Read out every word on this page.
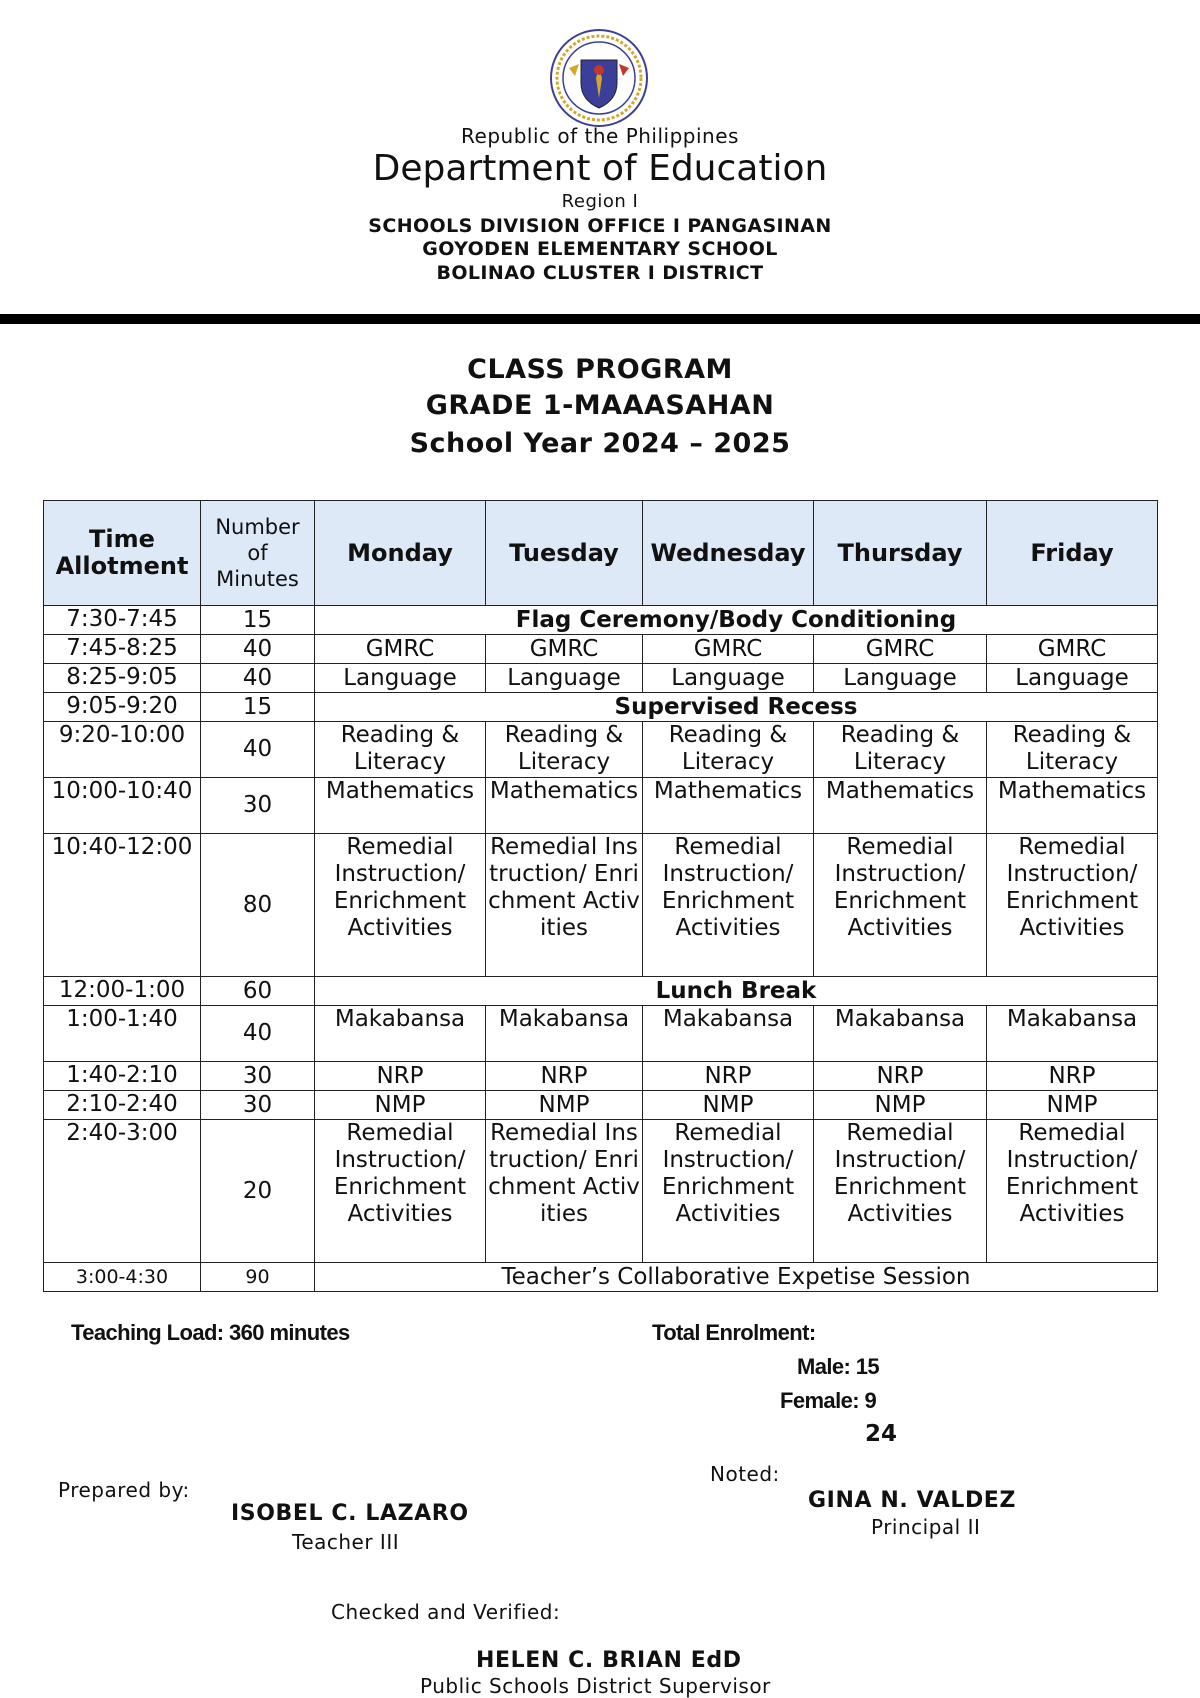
Republic of the Philippines
Department of Education
Region I
SCHOOLS DIVISION OFFICE I PANGASINAN
GOYODEN ELEMENTARY SCHOOL
BOLINAO CLUSTER I DISTRICT
CLASS PROGRAM
GRADE 1-MAAASAHAN
School Year 2024 – 2025
Time Allotment	Number of Minutes	Monday	Tuesday	Wednesday	Thursday	Friday
7:30-7:45	15	Flag Ceremony/Body Conditioning				
7:45-8:25	40	GMRC	GMRC	GMRC	GMRC	GMRC
8:25-9:05	40	Language	Language	Language	Language	Language
9:05-9:20	15	Supervised Recess				
9:20-10:00	40	Reading & Literacy	Reading & Literacy	Reading & Literacy	Reading & Literacy	Reading & Literacy
10:00-10:40	30	Mathematics	Mathematics	Mathematics	Mathematics	Mathematics
10:40-12:00	80	Remedial Instruction/ Enrichment Activities	Remedial Instruction/ Enrichment Activities	Remedial Instruction/ Enrichment Activities	Remedial Instruction/ Enrichment Activities	Remedial Instruction/ Enrichment Activities
12:00-1:00	60	Lunch Break				
1:00-1:40	40	Makabansa	Makabansa	Makabansa	Makabansa	Makabansa
1:40-2:10	30	NRP	NRP	NRP	NRP	NRP
2:10-2:40	30	NMP	NMP	NMP	NMP	NMP
2:40-3:00	20	Remedial Instruction/ Enrichment Activities	Remedial Instruction/ Enrichment Activities	Remedial Instruction/ Enrichment Activities	Remedial Instruction/ Enrichment Activities	Remedial Instruction/ Enrichment Activities
3:00-4:30	90	Teacher’s Collaborative Expetise Session				
Teaching Load: 360 minutes	Total Enrolment:
Male: 15
Female: 9
24
Prepared by:
ISOBEL C. LAZARO
Teacher III
Noted:
GINA N. VALDEZ
Principal II
Checked and Verified:
HELEN C. BRIAN EdD
Public Schools District Supervisor
